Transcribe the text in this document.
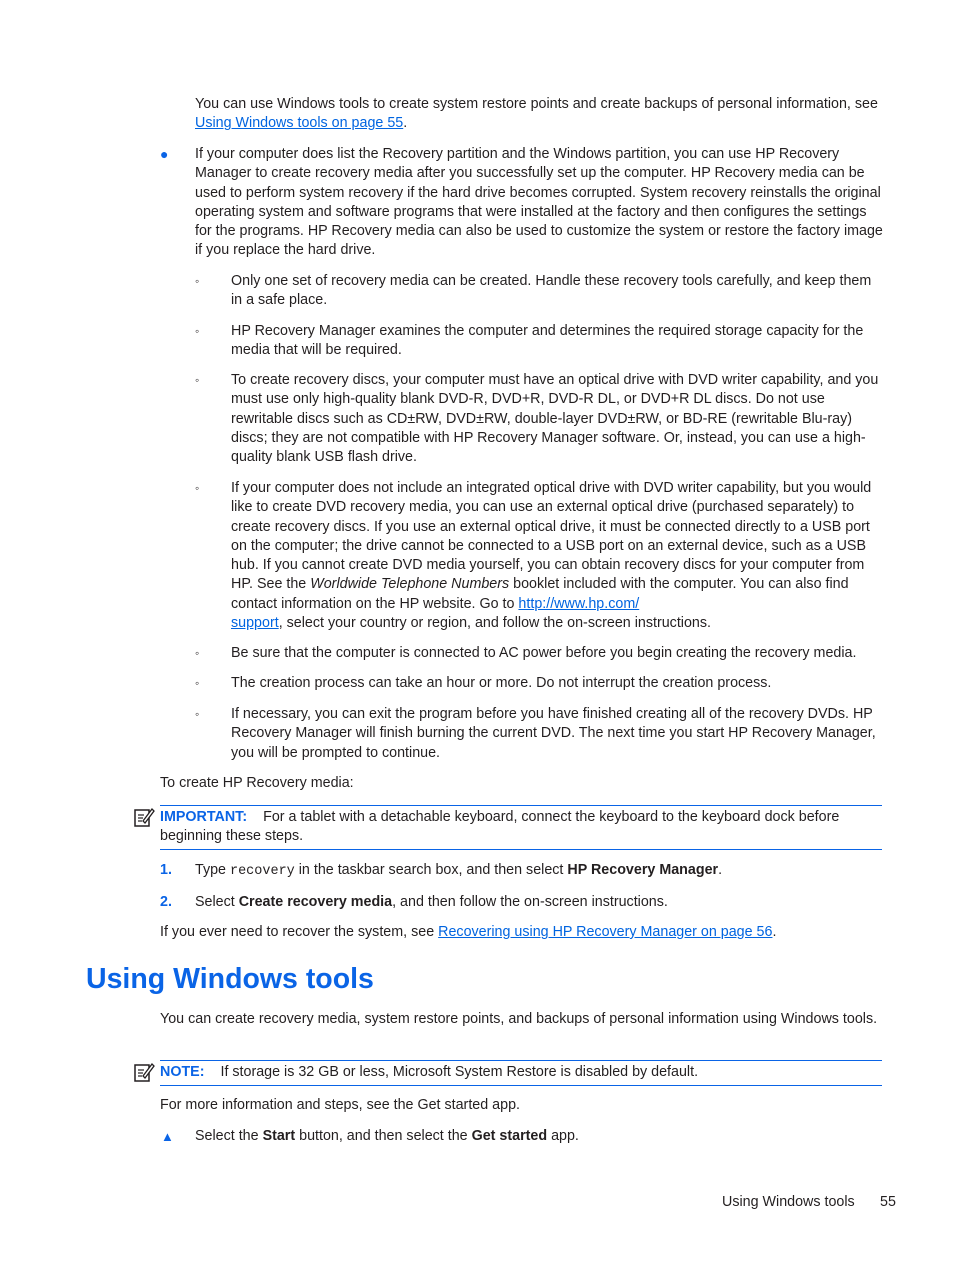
You can use Windows tools to create system restore points and create backups of personal information, see Using Windows tools on page 55.

● If your computer does list the Recovery partition and the Windows partition, you can use HP Recovery Manager to create recovery media after you successfully set up the computer. HP Recovery media can be used to perform system recovery if the hard drive becomes corrupted. System recovery reinstalls the original operating system and software programs that were installed at the factory and then configures the settings for the programs. HP Recovery media can also be used to customize the system or restore the factory image if you replace the hard drive.

◦ Only one set of recovery media can be created. Handle these recovery tools carefully, and keep them in a safe place.

◦ HP Recovery Manager examines the computer and determines the required storage capacity for the media that will be required.

◦ To create recovery discs, your computer must have an optical drive with DVD writer capability, and you must use only high-quality blank DVD-R, DVD+R, DVD-R DL, or DVD+R DL discs. Do not use rewritable discs such as CD±RW, DVD±RW, double-layer DVD±RW, or BD-RE (rewritable Blu-ray) discs; they are not compatible with HP Recovery Manager software. Or, instead, you can use a high-quality blank USB flash drive.

◦ If your computer does not include an integrated optical drive with DVD writer capability, but you would like to create DVD recovery media, you can use an external optical drive (purchased separately) to create recovery discs. If you use an external optical drive, it must be connected directly to a USB port on the computer; the drive cannot be connected to a USB port on an external device, such as a USB hub. If you cannot create DVD media yourself, you can obtain recovery discs for your computer from HP. See the Worldwide Telephone Numbers booklet included with the computer. You can also find contact information on the HP website. Go to http://www.hp.com/
support, select your country or region, and follow the on-screen instructions.

◦ Be sure that the computer is connected to AC power before you begin creating the recovery media.

◦ The creation process can take an hour or more. Do not interrupt the creation process.

◦ If necessary, you can exit the program before you have finished creating all of the recovery DVDs. HP Recovery Manager will finish burning the current DVD. The next time you start HP Recovery Manager, you will be prompted to continue.

To create HP Recovery media:

IMPORTANT: For a tablet with a detachable keyboard, connect the keyboard to the keyboard dock before beginning these steps.

1. Type recovery in the taskbar search box, and then select HP Recovery Manager.

2. Select Create recovery media, and then follow the on-screen instructions.

If you ever need to recover the system, see Recovering using HP Recovery Manager on page 56.

Using Windows tools

You can create recovery media, system restore points, and backups of personal information using Windows tools.

NOTE: If storage is 32 GB or less, Microsoft System Restore is disabled by default.

For more information and steps, see the Get started app.

▲ Select the Start button, and then select the Get started app.

Using Windows tools 55
